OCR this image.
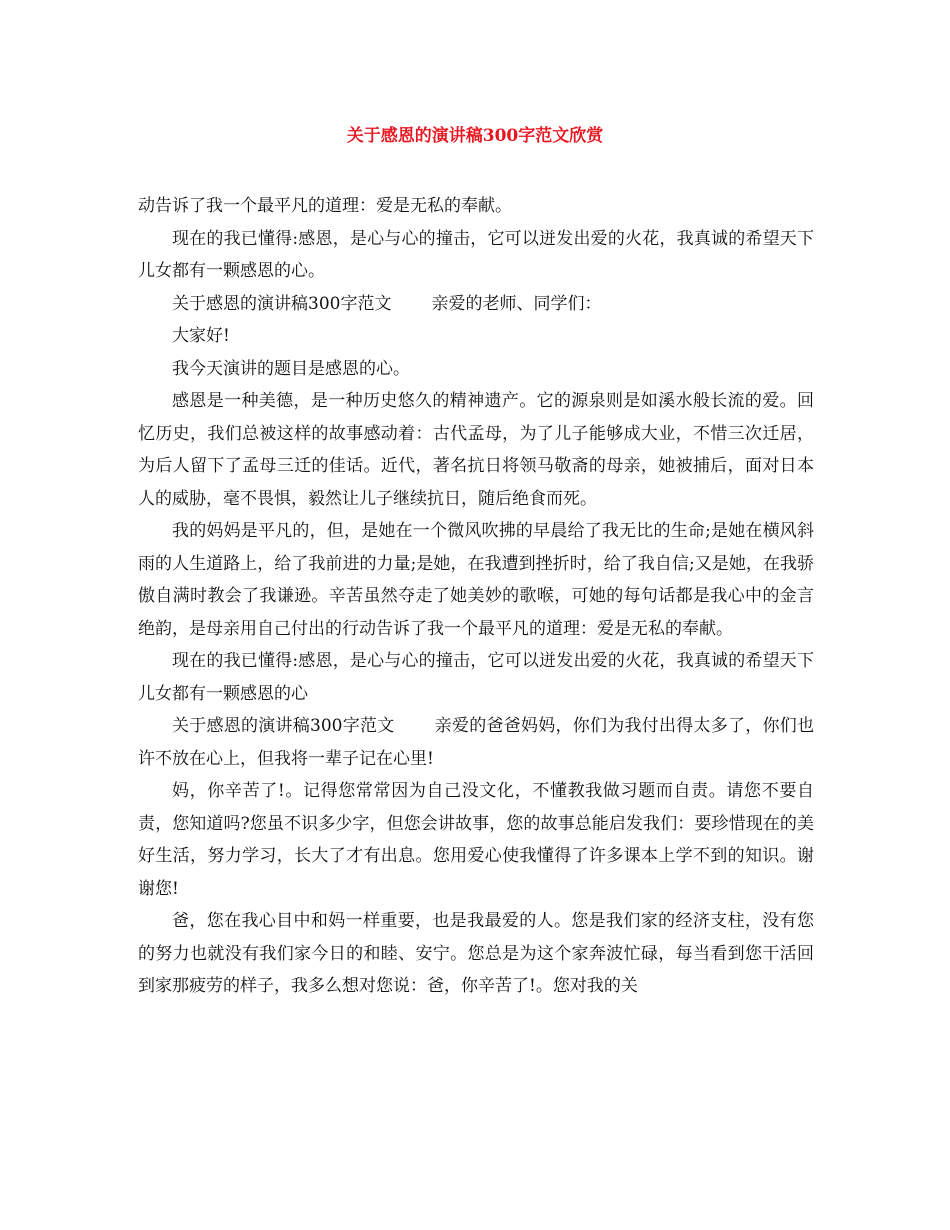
关于感恩的演讲稿300字范文欣赏

动告诉了我一个最平凡的道理：爱是无私的奉献。

现在的我已懂得:感恩，是心与心的撞击，它可以迸发出爱的火花，我真诚的希望天下儿女都有一颗感恩的心。

关于感恩的演讲稿300字范文 亲爱的老师、同学们：

大家好!

我今天演讲的题目是感恩的心。

感恩是一种美德，是一种历史悠久的精神遗产。它的源泉则是如溪水般长流的爱。回忆历史，我们总被这样的故事感动着：古代孟母，为了儿子能够成大业，不惜三次迁居，为后人留下了孟母三迁的佳话。近代，著名抗日将领马敬斋的母亲，她被捕后，面对日本人的威胁，毫不畏惧，毅然让儿子继续抗日，随后绝食而死。

我的妈妈是平凡的，但，是她在一个微风吹拂的早晨给了我无比的生命;是她在横风斜雨的人生道路上，给了我前进的力量;是她，在我遭到挫折时，给了我自信;又是她，在我骄傲自满时教会了我谦逊。辛苦虽然夺走了她美妙的歌喉，可她的每句话都是我心中的金言绝韵，是母亲用自己付出的行动告诉了我一个最平凡的道理：爱是无私的奉献。

现在的我已懂得:感恩，是心与心的撞击，它可以迸发出爱的火花，我真诚的希望天下儿女都有一颗感恩的心

关于感恩的演讲稿300字范文 亲爱的爸爸妈妈，你们为我付出得太多了，你们也许不放在心上，但我将一辈子记在心里!

妈，你辛苦了!。记得您常常因为自己没文化，不懂教我做习题而自责。请您不要自责，您知道吗?您虽不识多少字，但您会讲故事，您的故事总能启发我们：要珍惜现在的美好生活，努力学习，长大了才有出息。您用爱心使我懂得了许多课本上学不到的知识。谢谢您!

爸，您在我心目中和妈一样重要，也是我最爱的人。您是我们家的经济支柱，没有您的努力也就没有我们家今日的和睦、安宁。您总是为这个家奔波忙碌，每当看到您干活回到家那疲劳的样子，我多么想对您说：爸，你辛苦了!。您对我的关
